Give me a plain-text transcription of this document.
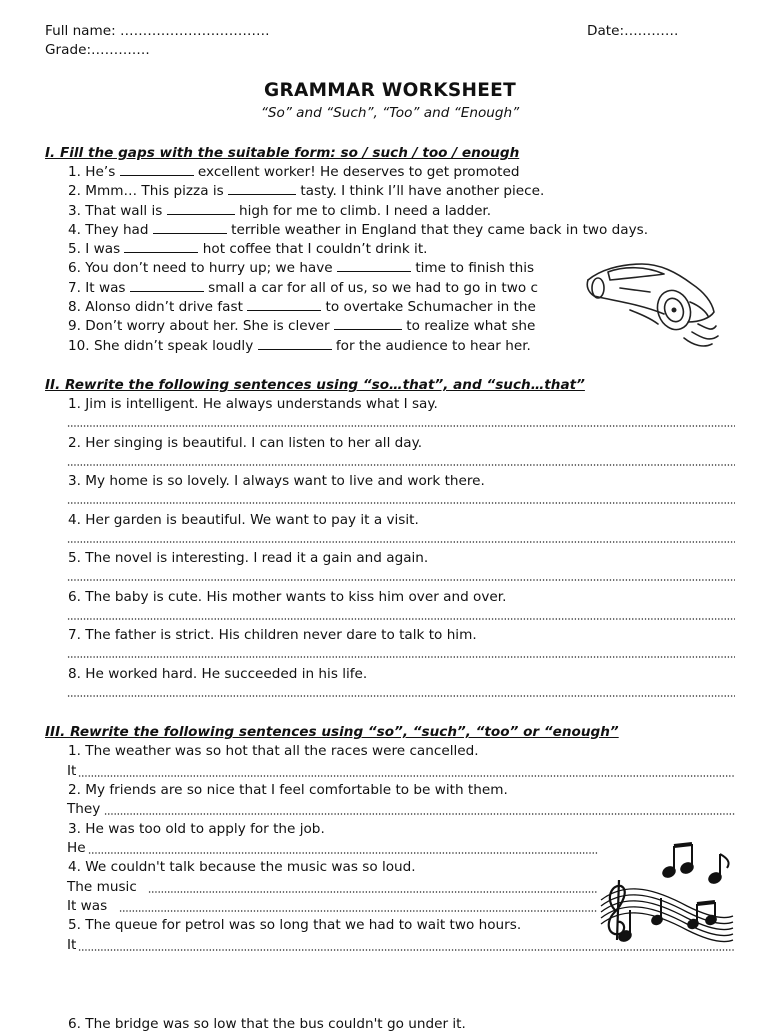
Full name: ……………………………	Date:…………
Grade:………….
GRAMMAR WORKSHEET
“So” and “Such”, “Too” and “Enough”
I. Fill the gaps with the suitable form: so / such / too / enough
1. He’s	excellent worker! He deserves to get promoted
2. Mmm… This pizza is	tasty. I think I’ll have another piece.
3. That wall is	high for me to climb. I need a ladder.
4. They had	terrible weather in England that they came back in two days.
5. I was	hot coffee that I couldn’t drink it.
6. You don’t need to hurry up; we have	time to finish this
7. It was	small a car for all of us, so we had to go in two c
8. Alonso didn’t drive fast	to overtake Schumacher in the
9. Don’t worry about her. She is clever	to realize what she
10. She didn’t speak loudly	for the audience to hear her.
II. Rewrite the following sentences using “so…that”, and “such…that”
1. Jim is intelligent. He always understands what I say.
2. Her singing is beautiful. I can listen to her all day.
3. My home is so lovely. I always want to live and work there.
4. Her garden is beautiful. We want to pay it a visit.
5. The novel is interesting. I read it a gain and again.
6. The baby is cute. His mother wants to kiss him over and over.
7. The father is strict. His children never dare to talk to him.
8. He worked hard. He succeeded in his life.
III. Rewrite the following sentences using “so”, “such”, “too” or “enough”
1. The weather was so hot that all the races were cancelled.
It
2. My friends are so nice that I feel comfortable to be with them.
They
3. He was too old to apply for the job.
He
4. We couldn't talk because the music was so loud.
The music
It was
5. The queue for petrol was so long that we had to wait two hours.
It
6. The bridge was so low that the bus couldn't go under it.
